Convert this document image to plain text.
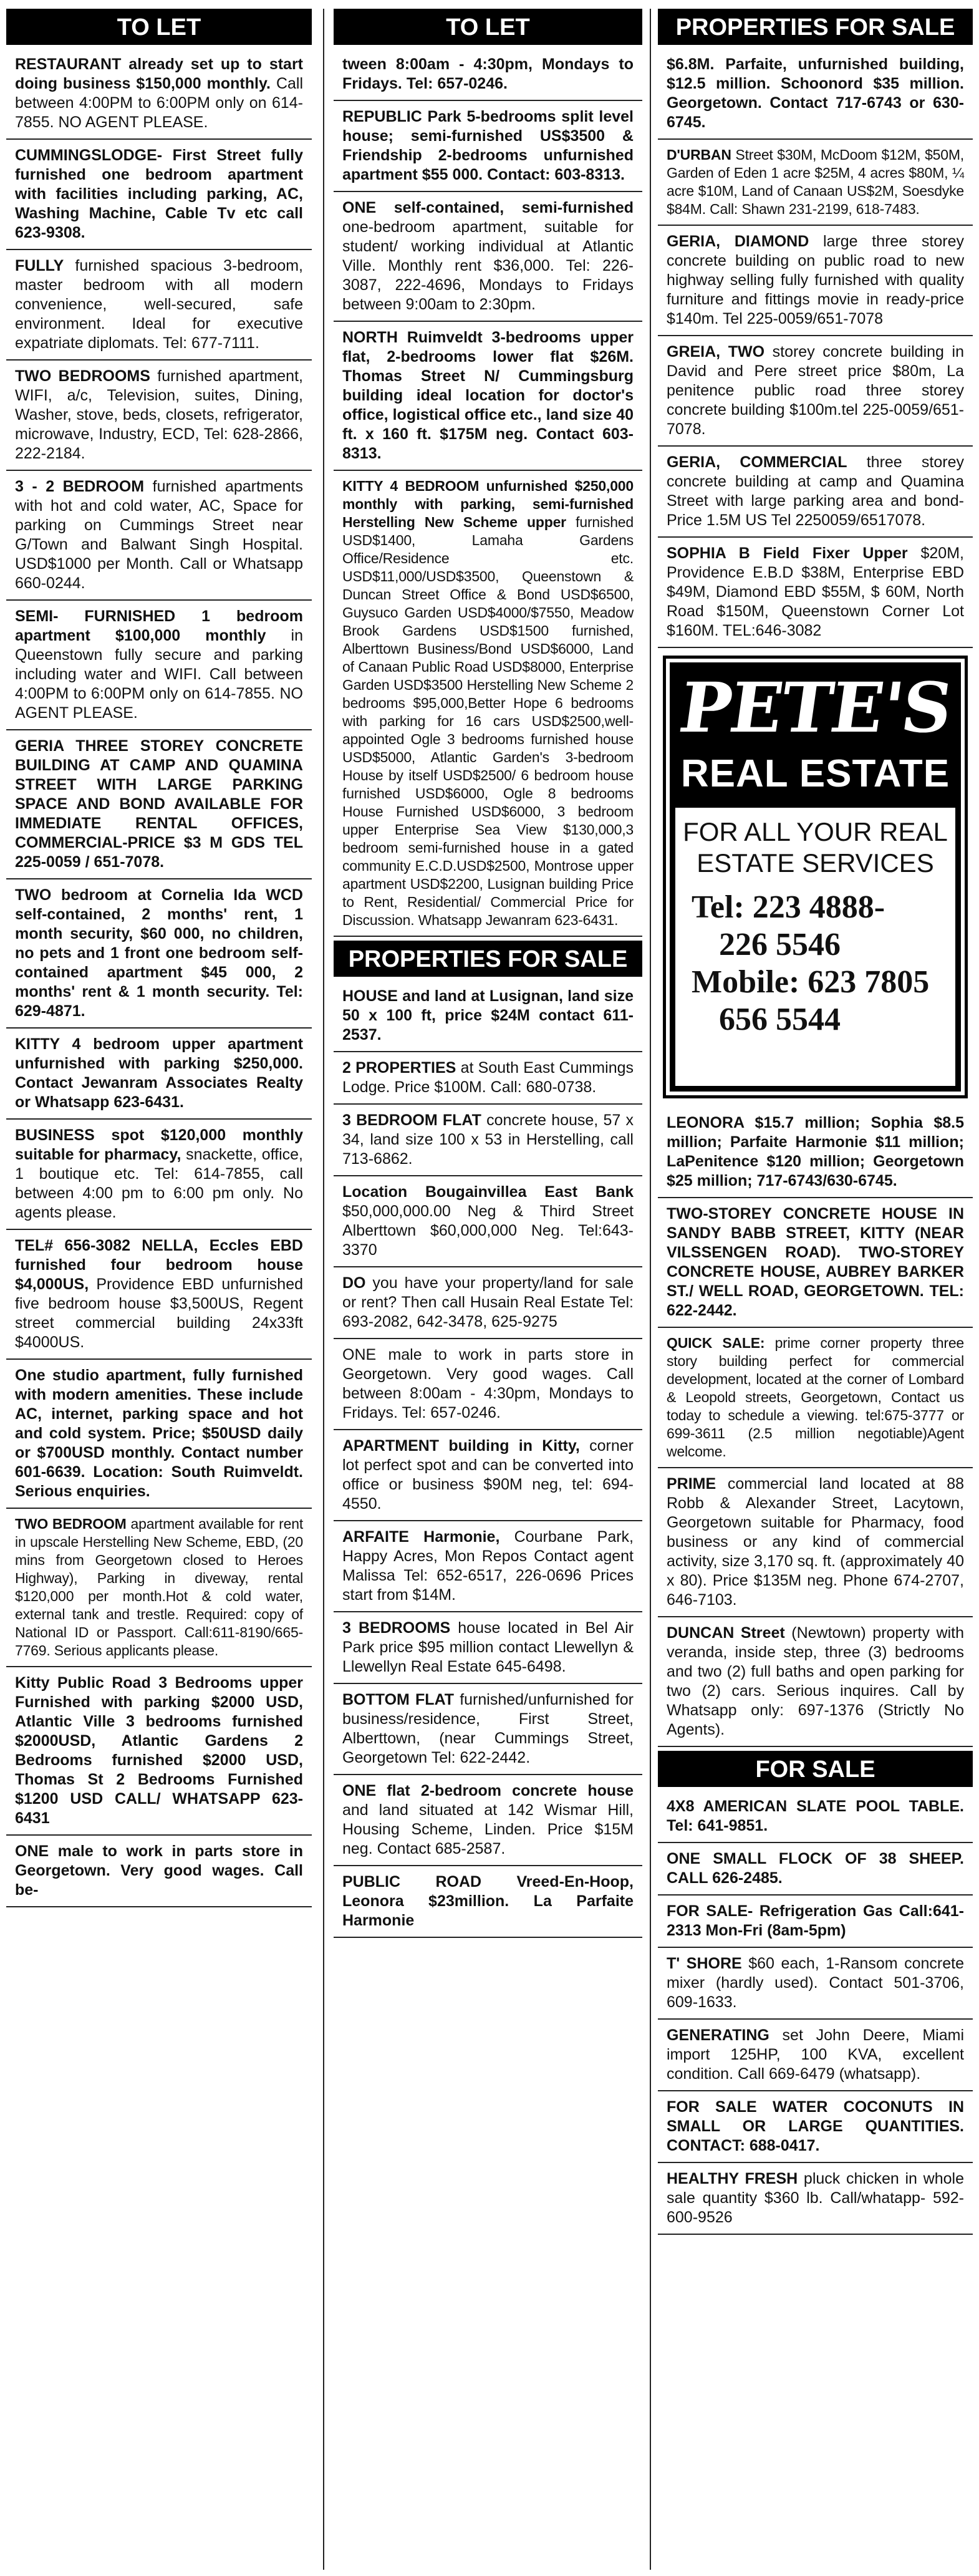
TO LET
RESTAURANT already set up to start doing business $150,000 monthly. Call between 4:00PM to 6:00PM only on 614-7855. NO AGENT PLEASE.
CUMMINGSLODGE- First Street fully furnished one bedroom apartment with facilities including parking, AC, Washing Machine, Cable Tv etc call 623-9308.
FULLY furnished spacious 3-bedroom, master bedroom with all modern convenience, well-secured, safe environment. Ideal for executive expatriate diplomats. Tel: 677-7111.
TWO BEDROOMS furnished apartment, WIFI, a/c, Television, suites, Dining, Washer, stove, beds, closets, refrigerator, microwave, Industry, ECD, Tel: 628-2866, 222-2184.
3 - 2 BEDROOM furnished apartments with hot and cold water, AC, Space for parking on Cummings Street near G/Town and Balwant Singh Hospital. USD$1000 per Month. Call or Whatsapp 660-0244.
SEMI- FURNISHED 1 bedroom apartment $100,000 monthly in Queenstown fully secure and parking including water and WIFI. Call between 4:00PM to 6:00PM only on 614-7855. NO AGENT PLEASE.
GERIA THREE STOREY CONCRETE BUILDING AT CAMP AND QUAMINA STREET WITH LARGE PARKING SPACE AND BOND AVAILABLE FOR IMMEDIATE RENTAL OFFICES, COMMERCIAL-PRICE $3 M GDS TEL 225-0059 / 651-7078.
TWO bedroom at Cornelia Ida WCD self-contained, 2 months' rent, 1 month security, $60 000, no children, no pets and 1 front one bedroom self-contained apartment $45 000, 2 months' rent & 1 month security. Tel: 629-4871.
KITTY 4 bedroom upper apartment unfurnished with parking $250,000. Contact Jewanram Associates Realty or Whatsapp 623-6431.
BUSINESS spot $120,000 monthly suitable for pharmacy, snackette, office, 1 boutique etc. Tel: 614-7855, call between 4:00 pm to 6:00 pm only. No agents please.
TEL# 656-3082 NELLA, Eccles EBD furnished four bedroom house $4,000US, Providence EBD unfurnished five bedroom house $3,500US, Regent street commercial building 24x33ft $4000US.
One studio apartment, fully furnished with modern amenities. These include AC, internet, parking space and hot and cold system. Price; $50USD daily or $700USD monthly. Contact number 601-6639. Location: South Ruimveldt. Serious enquiries.
TWO BEDROOM apartment available for rent in upscale Herstelling New Scheme, EBD, (20 mins from Georgetown closed to Heroes Highway), Parking in diveway, rental $120,000 per month.Hot & cold water, external tank and trestle. Required: copy of National ID or Passport. Call:611-8190/665-7769. Serious applicants please.
Kitty Public Road 3 Bedrooms upper Furnished with parking $2000 USD, Atlantic Ville 3 bedrooms furnished $2000USD, Atlantic Gardens 2 Bedrooms furnished $2000 USD, Thomas St 2 Bedrooms Furnished $1200 USD CALL/ WHATSAPP 623-6431
ONE male to work in parts store in Georgetown. Very good wages. Call be-
TO LET
tween 8:00am - 4:30pm, Mondays to Fridays. Tel: 657-0246.
REPUBLIC Park 5-bedrooms split level house; semi-furnished US$3500 & Friendship 2-bedrooms unfurnished apartment $55 000. Contact: 603-8313.
ONE self-contained, semi-furnished one-bedroom apartment, suitable for student/ working individual at Atlantic Ville. Monthly rent $36,000. Tel: 226-3087, 222-4696, Mondays to Fridays between 9:00am to 2:30pm.
NORTH Ruimveldt 3-bedrooms upper flat, 2-bedrooms lower flat $26M. Thomas Street N/ Cummingsburg building ideal location for doctor's office, logistical office etc., land size 40 ft. x 160 ft. $175M neg. Contact 603-8313.
KITTY 4 BEDROOM unfurnished $250,000 monthly with parking, semi-furnished Herstelling New Scheme upper furnished USD$1400, Lamaha Gardens Office/Residence etc. USD$11,000/USD$3500, Queenstown & Duncan Street Office & Bond USD$6500, Guysuco Garden USD$4000/$7550, Meadow Brook Gardens USD$1500 furnished, Alberttown Business/Bond USD$6000, Land of Canaan Public Road USD$8000, Enterprise Garden USD$3500 Herstelling New Scheme 2 bedrooms $95,000,Better Hope 6 bedrooms with parking for 16 cars USD$2500,well-appointed Ogle 3 bedrooms furnished house USD$5000, Atlantic Garden's 3-bedroom House by itself USD$2500/ 6 bedroom house furnished USD$6000, Ogle 8 bedrooms House Furnished USD$6000, 3 bedroom upper Enterprise Sea View $130,000,3 bedroom semi-furnished house in a gated community E.C.D.USD$2500, Montrose upper apartment USD$2200, Lusignan building Price to Rent, Residential/ Commercial Price for Discussion. Whatsapp Jewanram 623-6431.
PROPERTIES FOR SALE
HOUSE and land at Lusignan, land size 50 x 100 ft, price $24M contact 611-2537.
2 PROPERTIES at South East Cummings Lodge. Price $100M. Call: 680-0738.
3 BEDROOM FLAT concrete house, 57 x 34, land size 100 x 53 in Herstelling, call 713-6862.
Location Bougainvillea East Bank $50,000,000.00 Neg & Third Street Alberttown $60,000,000 Neg. Tel:643-3370
DO you have your property/land for sale or rent? Then call Husain Real Estate Tel: 693-2082, 642-3478, 625-9275
ONE male to work in parts store in Georgetown. Very good wages. Call between 8:00am - 4:30pm, Mondays to Fridays. Tel: 657-0246.
APARTMENT building in Kitty, corner lot perfect spot and can be converted into office or business $90M neg, tel: 694-4550.
ARFAITE Harmonie, Courbane Park, Happy Acres, Mon Repos Contact agent Malissa Tel: 652-6517, 226-0696 Prices start from $14M.
3 BEDROOMS house located in Bel Air Park price $95 million contact Llewellyn & Llewellyn Real Estate 645-6498.
BOTTOM FLAT furnished/unfurnished for business/residence, First Street, Alberttown, (near Cummings Street, Georgetown Tel: 622-2442.
ONE flat 2-bedroom concrete house and land situated at 142 Wismar Hill, Housing Scheme, Linden. Price $15M neg. Contact 685-2587.
PUBLIC ROAD Vreed-En-Hoop, Leonora $23million. La Parfaite Harmonie
PROPERTIES FOR SALE
$6.8M. Parfaite, unfurnished building, $12.5 million. Schoonord $35 million. Georgetown. Contact 717-6743 or 630-6745.
D'URBAN Street $30M, McDoom $12M, $50M, Garden of Eden 1 acre $25M, 4 acres $80M, ¼ acre $10M, Land of Canaan US$2M, Soesdyke $84M. Call: Shawn 231-2199, 618-7483.
GERIA, DIAMOND large three storey concrete building on public road to new highway selling fully furnished with quality furniture and fittings movie in ready-price $140m. Tel 225-0059/651-7078
GREIA, TWO storey concrete building in David and Pere street price $80m, La penitence public road three storey concrete building $100m.tel 225-0059/651-7078.
GERIA, COMMERCIAL three storey concrete building at camp and Quamina Street with large parking area and bond- Price 1.5M US Tel 2250059/6517078.
SOPHIA B Field Fixer Upper $20M, Providence E.B.D $38M, Enterprise EBD $49M, Diamond EBD $55M, $ 60M, North Road $150M, Queenstown Corner Lot $160M. TEL:646-3082
PETE'S
REAL ESTATE
FOR ALL YOUR REAL
ESTATE SERVICES
Tel: 223 4888-
226 5546
Mobile: 623 7805
656 5544
LEONORA $15.7 million; Sophia $8.5 million; Parfaite Harmonie $11 million; LaPenitence $120 million; Georgetown $25 million; 717-6743/630-6745.
TWO-STOREY CONCRETE HOUSE IN SANDY BABB STREET, KITTY (NEAR VILSSENGEN ROAD). TWO-STOREY CONCRETE HOUSE, AUBREY BARKER ST./ WELL ROAD, GEORGETOWN. TEL: 622-2442.
QUICK SALE: prime corner property three story building perfect for commercial development, located at the corner of Lombard & Leopold streets, Georgetown, Contact us today to schedule a viewing. tel:675-3777 or 699-3611 (2.5 million negotiable)Agent welcome.
PRIME commercial land located at 88 Robb & Alexander Street, Lacytown, Georgetown suitable for Pharmacy, food business or any kind of commercial activity, size 3,170 sq. ft. (approximately 40 x 80). Price $135M neg. Phone 674-2707, 646-7103.
DUNCAN Street (Newtown) property with veranda, inside step, three (3) bedrooms and two (2) full baths and open parking for two (2) cars. Serious inquires. Call by Whatsapp only: 697-1376 (Strictly No Agents).
FOR SALE
4X8 AMERICAN SLATE POOL TABLE. Tel: 641-9851.
ONE SMALL FLOCK OF 38 SHEEP. CALL 626-2485.
FOR SALE- Refrigeration Gas Call:641-2313 Mon-Fri (8am-5pm)
T' SHORE $60 each, 1-Ransom concrete mixer (hardly used). Contact 501-3706, 609-1633.
GENERATING set John Deere, Miami import 125HP, 100 KVA, excellent condition. Call 669-6479 (whatsapp).
FOR SALE WATER COCONUTS IN SMALL OR LARGE QUANTITIES. CONTACT: 688-0417.
HEALTHY FRESH pluck chicken in whole sale quantity $360 lb. Call/whatapp- 592-600-9526
